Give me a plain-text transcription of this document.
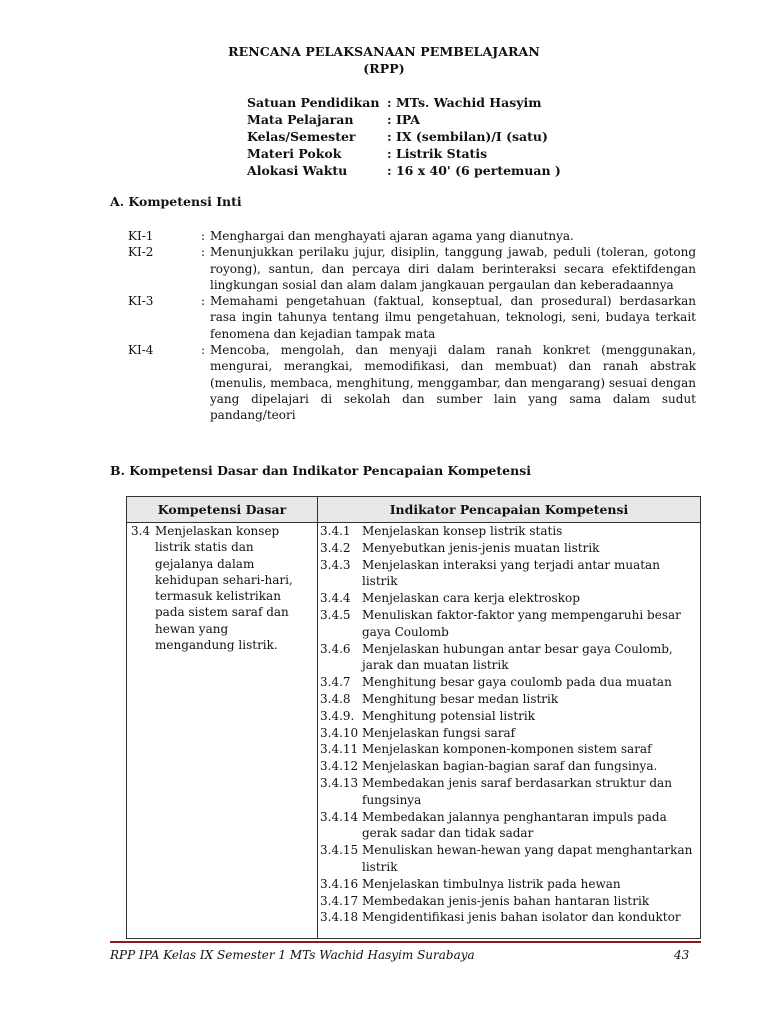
RENCANA PELAKSANAAN PEMBELAJARAN
(RPP)
Satuan Pendidikan : MTs. Wachid Hasyim
Mata Pelajaran	: IPA
Kelas/Semester	: IX (sembilan)/I (satu)
Materi Pokok	: Listrik Statis
Alokasi Waktu	: 16 x 40' (6 pertemuan )
A. Kompetensi Inti
KI-1	: Menghargai dan menghayati ajaran agama yang dianutnya.
KI-2	: Menunjukkan perilaku jujur, disiplin, tanggung jawab, peduli (toleran, gotong royong), santun, dan percaya diri dalam berinteraksi secara efektifdengan lingkungan sosial dan alam dalam jangkauan pergaulan dan keberadaannya
KI-3	: Memahami pengetahuan (faktual, konseptual, dan prosedural) berdasarkan rasa ingin tahunya tentang ilmu pengetahuan, teknologi, seni, budaya terkait fenomena dan kejadian tampak mata
KI-4	: Mencoba, mengolah, dan menyaji dalam ranah konkret (menggunakan, mengurai, merangkai, memodifikasi, dan membuat) dan ranah abstrak (menulis, membaca, menghitung, menggambar, dan mengarang) sesuai dengan yang dipelajari di sekolah dan sumber lain yang sama dalam sudut pandang/teori
B. Kompetensi Dasar dan Indikator Pencapaian Kompetensi
Kompetensi Dasar	Indikator Pencapaian Kompetensi
3.4 Menjelaskan konsep listrik statis dan gejalanya dalam kehidupan sehari-hari, termasuk kelistrikan pada sistem saraf dan hewan yang mengandung listrik.
3.4.1 Menjelaskan konsep listrik statis
3.4.2 Menyebutkan jenis-jenis muatan listrik
3.4.3 Menjelaskan interaksi yang terjadi antar muatan listrik
3.4.4 Menjelaskan cara kerja elektroskop
3.4.5 Menuliskan faktor-faktor yang mempengaruhi besar gaya Coulomb
3.4.6 Menjelaskan hubungan antar besar gaya Coulomb, jarak dan muatan listrik
3.4.7 Menghitung besar gaya coulomb pada dua muatan
3.4.8 Menghitung besar medan listrik
3.4.9. Menghitung potensial listrik
3.4.10 Menjelaskan fungsi saraf
3.4.11 Menjelaskan komponen-komponen sistem saraf
3.4.12 Menjelaskan bagian-bagian saraf dan fungsinya.
3.4.13 Membedakan jenis saraf berdasarkan struktur dan fungsinya
3.4.14 Membedakan jalannya penghantaran impuls pada gerak sadar dan tidak sadar
3.4.15 Menuliskan hewan-hewan yang dapat menghantarkan listrik
3.4.16 Menjelaskan timbulnya listrik pada hewan
3.4.17 Membedakan jenis-jenis bahan hantaran listrik
3.4.18 Mengidentifikasi jenis bahan isolator dan konduktor
RPP IPA Kelas IX Semester 1 MTs Wachid Hasyim Surabaya	43
